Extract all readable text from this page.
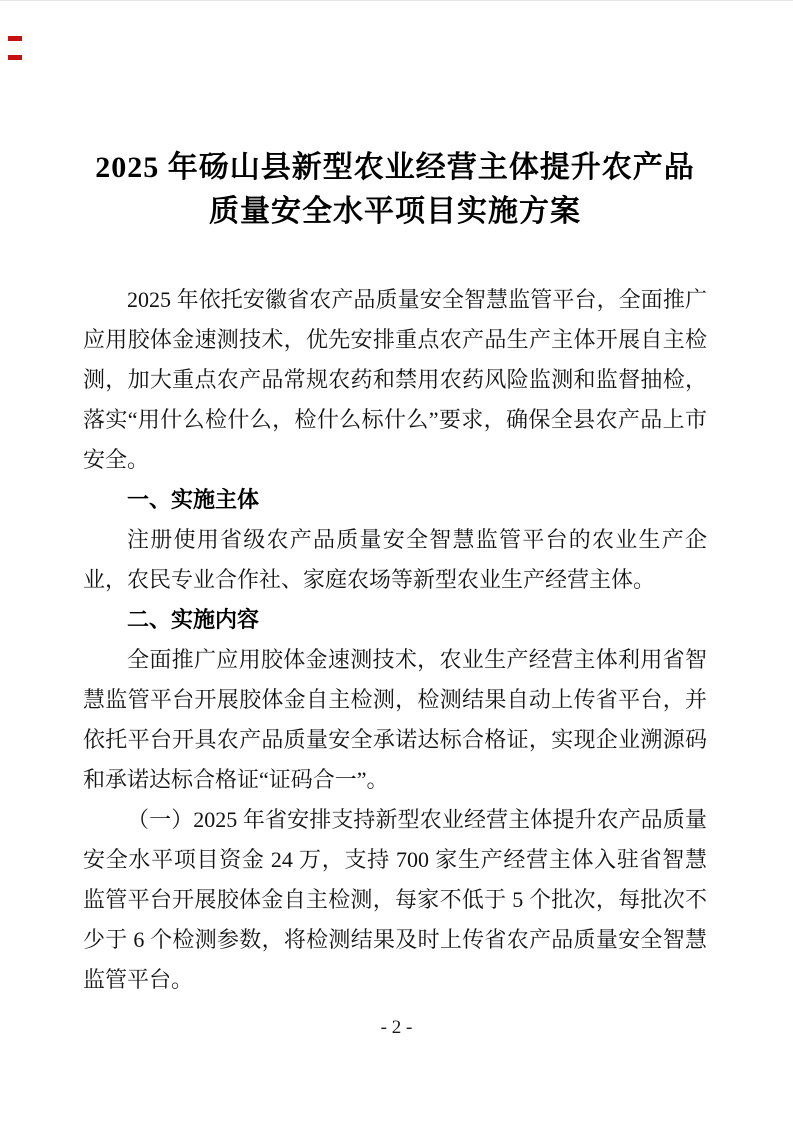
2025 年砀山县新型农业经营主体提升农产品
质量安全水平项目实施方案

2025 年依托安徽省农产品质量安全智慧监管平台，全面推广应用胶体金速测技术，优先安排重点农产品生产主体开展自主检测，加大重点农产品常规农药和禁用农药风险监测和监督抽检，落实“用什么检什么，检什么标什么”要求，确保全县农产品上市安全。

一、实施主体

注册使用省级农产品质量安全智慧监管平台的农业生产企业，农民专业合作社、家庭农场等新型农业生产经营主体。

二、实施内容

全面推广应用胶体金速测技术，农业生产经营主体利用省智慧监管平台开展胶体金自主检测，检测结果自动上传省平台，并依托平台开具农产品质量安全承诺达标合格证，实现企业溯源码和承诺达标合格证“证码合一”。

（一）2025 年省安排支持新型农业经营主体提升农产品质量安全水平项目资金 24 万，支持 700 家生产经营主体入驻省智慧监管平台开展胶体金自主检测，每家不低于 5 个批次，每批次不少于 6 个检测参数，将检测结果及时上传省农产品质量安全智慧监管平台。

- 2 -
